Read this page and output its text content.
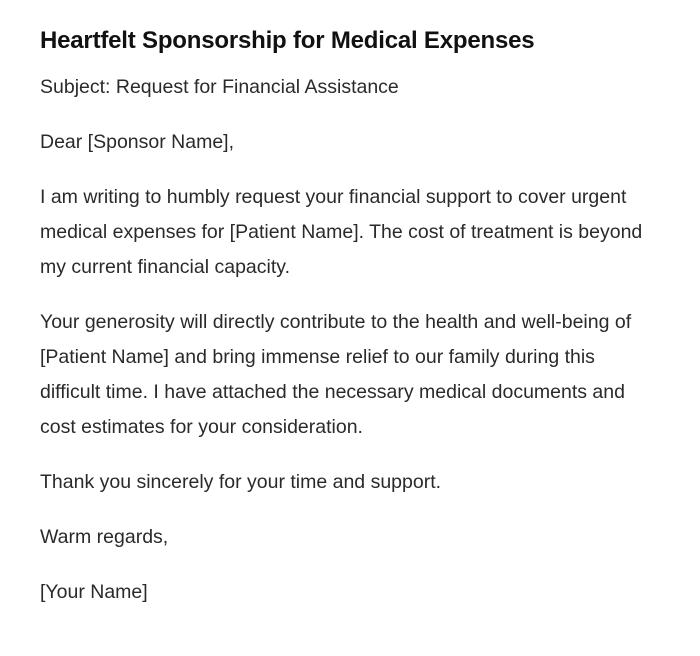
Heartfelt Sponsorship for Medical Expenses

Subject: Request for Financial Assistance

Dear [Sponsor Name],

I am writing to humbly request your financial support to cover urgent medical expenses for [Patient Name]. The cost of treatment is beyond my current financial capacity.

Your generosity will directly contribute to the health and well-being of [Patient Name] and bring immense relief to our family during this difficult time. I have attached the necessary medical documents and cost estimates for your consideration.

Thank you sincerely for your time and support.

Warm regards,

[Your Name]
